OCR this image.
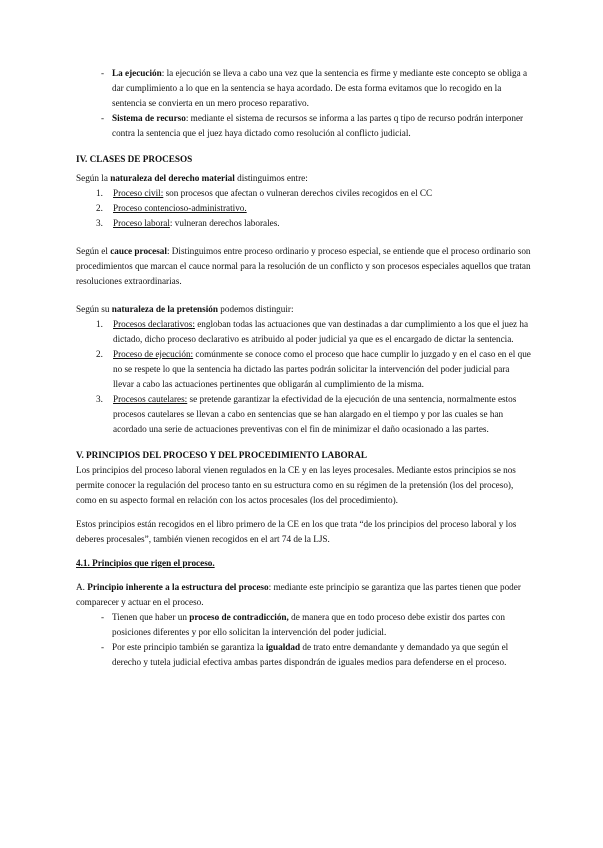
- La ejecución: la ejecución se lleva a cabo una vez que la sentencia es firme y mediante este concepto se obliga a dar cumplimiento a lo que en la sentencia se haya acordado. De esta forma evitamos que lo recogido en la sentencia se convierta en un mero proceso reparativo.

- Sistema de recurso: mediante el sistema de recursos se informa a las partes q tipo de recurso podrán interponer contra la sentencia que el juez haya dictado como resolución al conflicto judicial.

IV. CLASES DE PROCESOS

Según la naturaleza del derecho material distinguimos entre:

1.	Proceso civil: son procesos que afectan o vulneran derechos civiles recogidos en el CC

2.	Proceso contencioso-administrativo.

3.	Proceso laboral: vulneran derechos laborales.

Según el cauce procesal: Distinguimos entre proceso ordinario y proceso especial, se entiende que el proceso ordinario son procedimientos que marcan el cauce normal para la resolución de un conflicto y son procesos especiales aquellos que tratan resoluciones extraordinarias.

Según su naturaleza de la pretensión podemos distinguir:

1.	Procesos declarativos: engloban todas las actuaciones que van destinadas a dar cumplimiento a los que el juez ha dictado, dicho proceso declarativo es atribuido al poder judicial ya que es el encargado de dictar la sentencia.

2.	Proceso de ejecución: comúnmente se conoce como el proceso que hace cumplir lo juzgado y en el caso en el que no se respete lo que la sentencia ha dictado las partes podrán solicitar la intervención del poder judicial para llevar a cabo las actuaciones pertinentes que obligarán al cumplimiento de la misma.

3.	Procesos cautelares: se pretende garantizar la efectividad de la ejecución de una sentencia, normalmente estos procesos cautelares se llevan a cabo en sentencias que se han alargado en el tiempo y por las cuales se han acordado una serie de actuaciones preventivas con el fin de minimizar el daño ocasionado a las partes.

V. PRINCIPIOS DEL PROCESO Y DEL PROCEDIMIENTO LABORAL

Los principios del proceso laboral vienen regulados en la CE y en las leyes procesales. Mediante estos principios se nos permite conocer la regulación del proceso tanto en su estructura como en su régimen de la pretensión (los del proceso), como en su aspecto formal en relación con los actos procesales (los del procedimiento).

Estos principios están recogidos en el libro primero de la CE en los que trata “de los principios del proceso laboral y los deberes procesales”, también vienen recogidos en el art 74 de la LJS.

4.1. Principios que rigen el proceso.

A. Principio inherente a la estructura del proceso: mediante este principio se garantiza que las partes tienen que poder comparecer y actuar en el proceso.

- Tienen que haber un proceso de contradicción, de manera que en todo proceso debe existir dos partes con posiciones diferentes y por ello solicitan la intervención del poder judicial.

- Por este principio también se garantiza la igualdad de trato entre demandante y demandado ya que según el derecho y tutela judicial efectiva ambas partes dispondrán de iguales medios para defenderse en el proceso.
